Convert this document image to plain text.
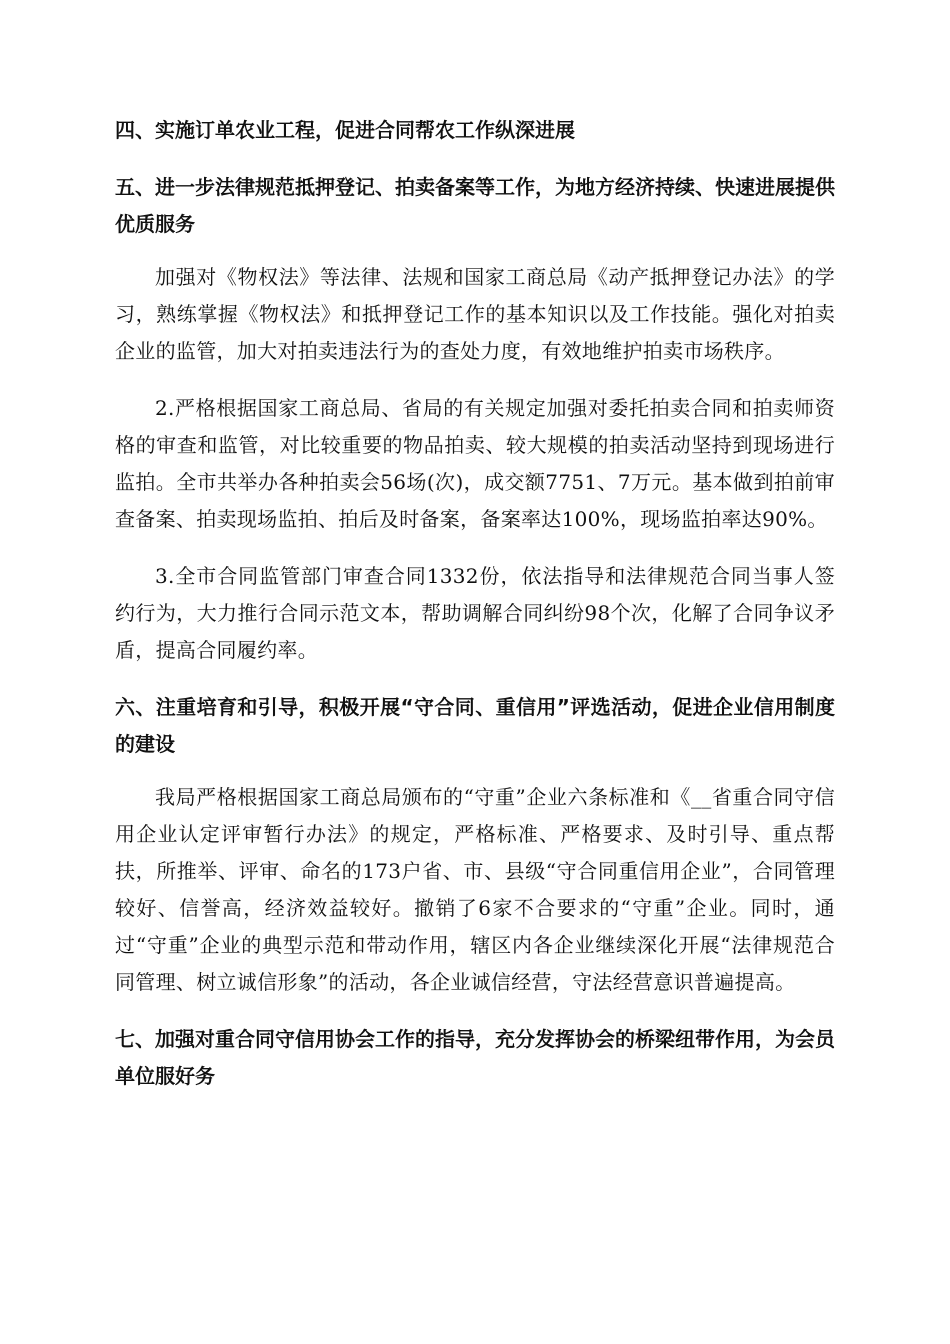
四、实施订单农业工程，促进合同帮农工作纵深进展

五、进一步法律规范抵押登记、拍卖备案等工作，为地方经济持续、快速进展提供优质服务

加强对《物权法》等法律、法规和国家工商总局《动产抵押登记办法》的学习，熟练掌握《物权法》和抵押登记工作的基本知识以及工作技能。强化对拍卖企业的监管，加大对拍卖违法行为的查处力度，有效地维护拍卖市场秩序。

2.严格根据国家工商总局、省局的有关规定加强对委托拍卖合同和拍卖师资格的审查和监管，对比较重要的物品拍卖、较大规模的拍卖活动坚持到现场进行监拍。全市共举办各种拍卖会56场(次)，成交额7751、7万元。基本做到拍前审查备案、拍卖现场监拍、拍后及时备案，备案率达100%，现场监拍率达90%。

3.全市合同监管部门审查合同1332份，依法指导和法律规范合同当事人签约行为，大力推行合同示范文本，帮助调解合同纠纷98个次，化解了合同争议矛盾，提高合同履约率。

六、注重培育和引导，积极开展“守合同、重信用”评选活动，促进企业信用制度的建设

我局严格根据国家工商总局颁布的“守重”企业六条标准和《__省重合同守信用企业认定评审暂行办法》的规定，严格标准、严格要求、及时引导、重点帮扶，所推举、评审、命名的173户省、市、县级“守合同重信用企业”，合同管理较好、信誉高，经济效益较好。撤销了6家不合要求的“守重”企业。同时，通过“守重”企业的典型示范和带动作用，辖区内各企业继续深化开展“法律规范合同管理、树立诚信形象”的活动，各企业诚信经营，守法经营意识普遍提高。

七、加强对重合同守信用协会工作的指导，充分发挥协会的桥梁纽带作用，为会员单位服好务
